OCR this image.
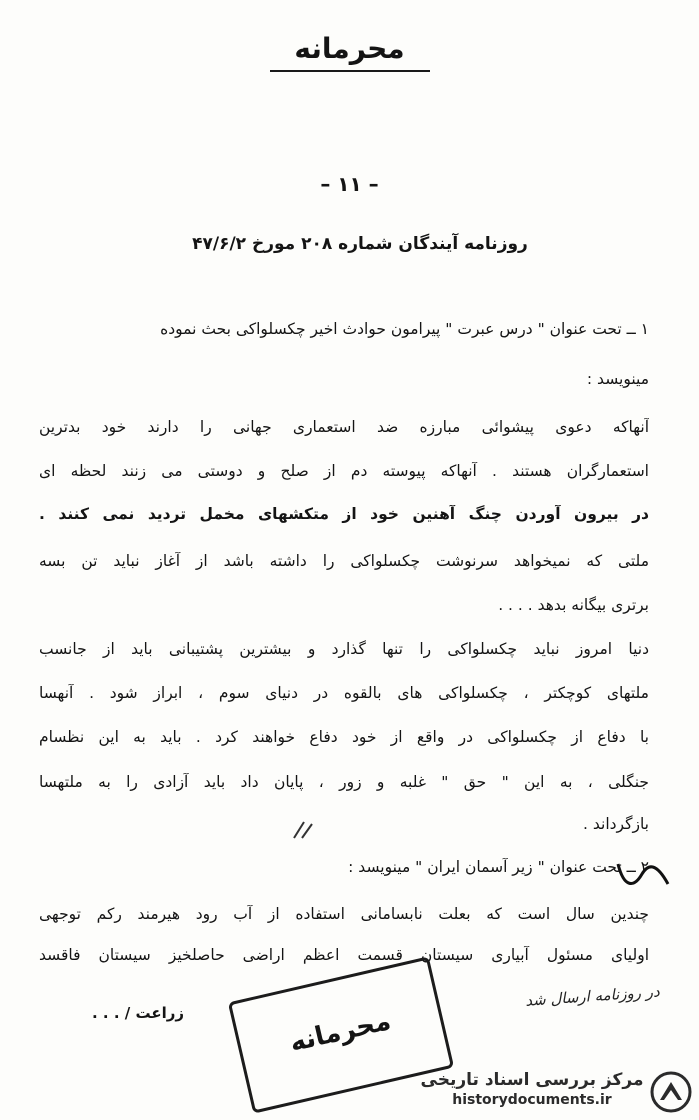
محرمانه
– ۱۱ –
روزنامه آیندگان شماره ۲۰۸ مورخ ۴۷/۶/۲
۱ ــ تحت عنوان " درس عبرت " پیرامون حوادث اخیر چکسلواکی بحث نموده
مینویسد :
آنهاکه دعوی پیشوائی مبارزه ضد استعماری جهانی را دارند خود بدترین
استعمارگران هستند . آنهاکه پیوسته دم از صلح و دوستی می زنند لحظه ای
در بیرون آوردن چنگ آهنین خود از متکشهای مخمل تردید نمی کنند .
ملتی که نمیخواهد سرنوشت چکسلواکی را داشته باشد از آغاز نباید تن بسه
برتری بیگانه بدهد . . . .
دنیا امروز نباید چکسلواکی را تنها گذارد و بیشترین پشتیبانی باید از جانسب
ملتهای کوچکتر ، چکسلواکی های بالقوه در دنیای سوم ، ابراز شود . آنهسا
با دفاع از چکسلواکی در واقع از خود دفاع خواهند کرد . باید به این نظسام
جنگلی ، به این " حق " غلبه و زور ، پایان داد باید آزادی را به ملتهسا
بازگرداند .
۲ ــ تحت عنوان " زیر آسمان ایران " مینویسد :
چندین سال است که بعلت نابسامانی استفاده از آب رود هیرمند رکم توجهی
اولیای مسئول آبیاری سیستان قسمت اعظم اراضی حاصلخیز سیستان فاقسد
زراعت / . . .
در روزنامه ارسال شد
محرمانه
مرکز بررسی اسناد تاریخی
historydocuments.ir
